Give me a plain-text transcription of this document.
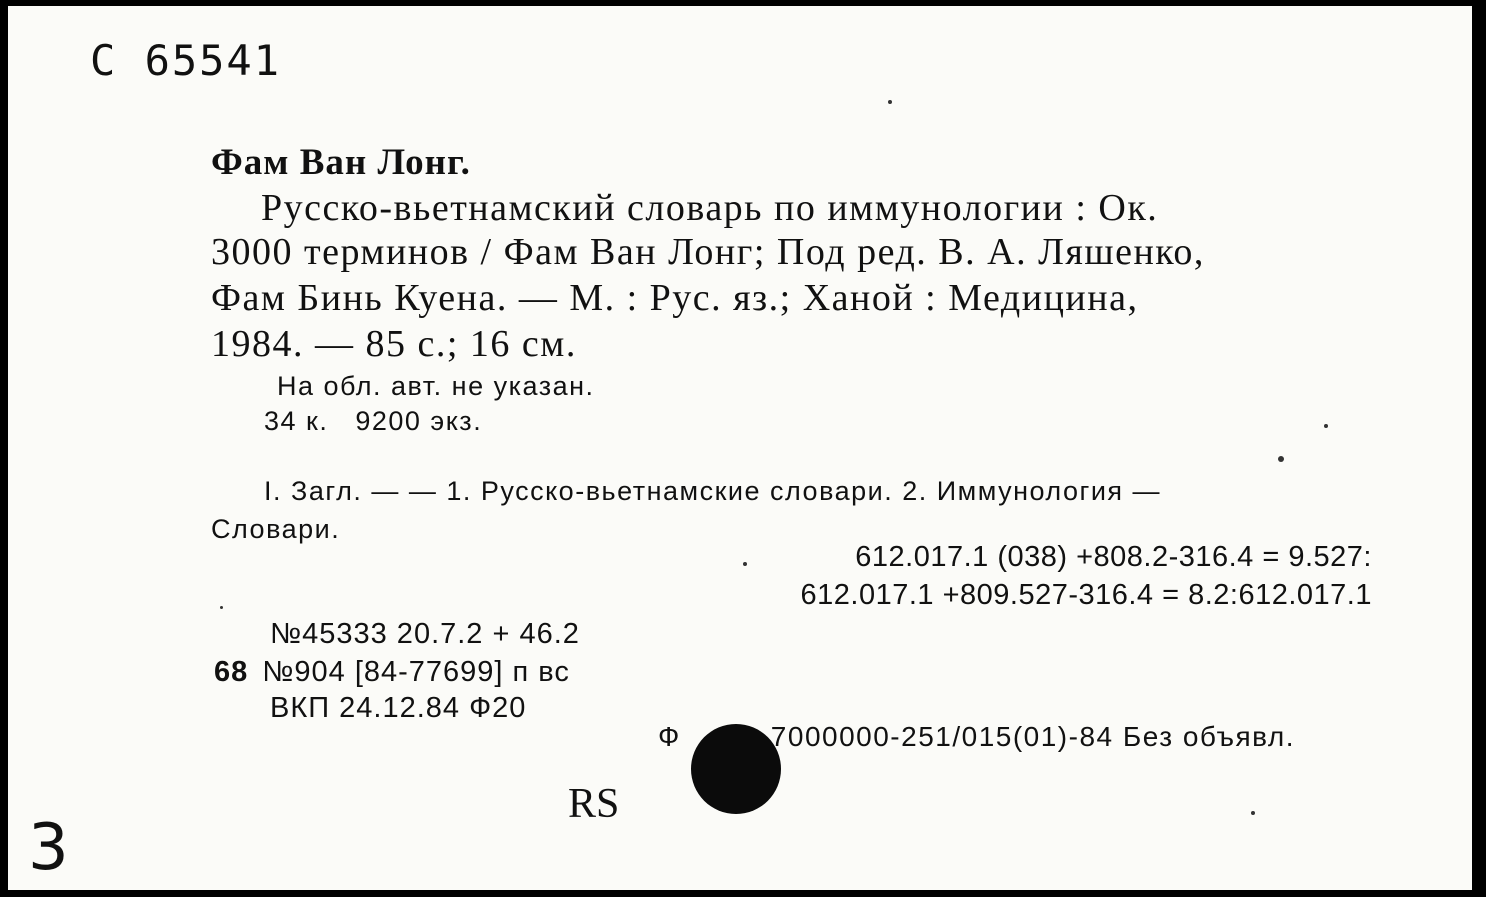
С 65541
Фам Ван Лонг.
Русско-вьетнамский словарь по иммунологии : Ок.
3000 терминов / Фам Ван Лонг; Под ред. В. А. Ляшенко,
Фам Бинь Куена. — М. : Рус. яз.; Ханой : Медицина,
1984. — 85 с.; 16 см.
На обл. авт. не указан.
34 к.   9200 экз.
I. Загл. — — 1. Русско-вьетнамские словари. 2. Иммунология —
Словари.
612.017.1 (038) +808.2-316.4 = 9.527:
612.017.1 +809.527-316.4 = 8.2:612.017.1
№45333 20.7.2 + 46.2
68 №904 [84-77699] п вс
ВКП 24.12.84 Ф20
Ф	7000000-251/015(01)-84 Без объявл.
RS
3
